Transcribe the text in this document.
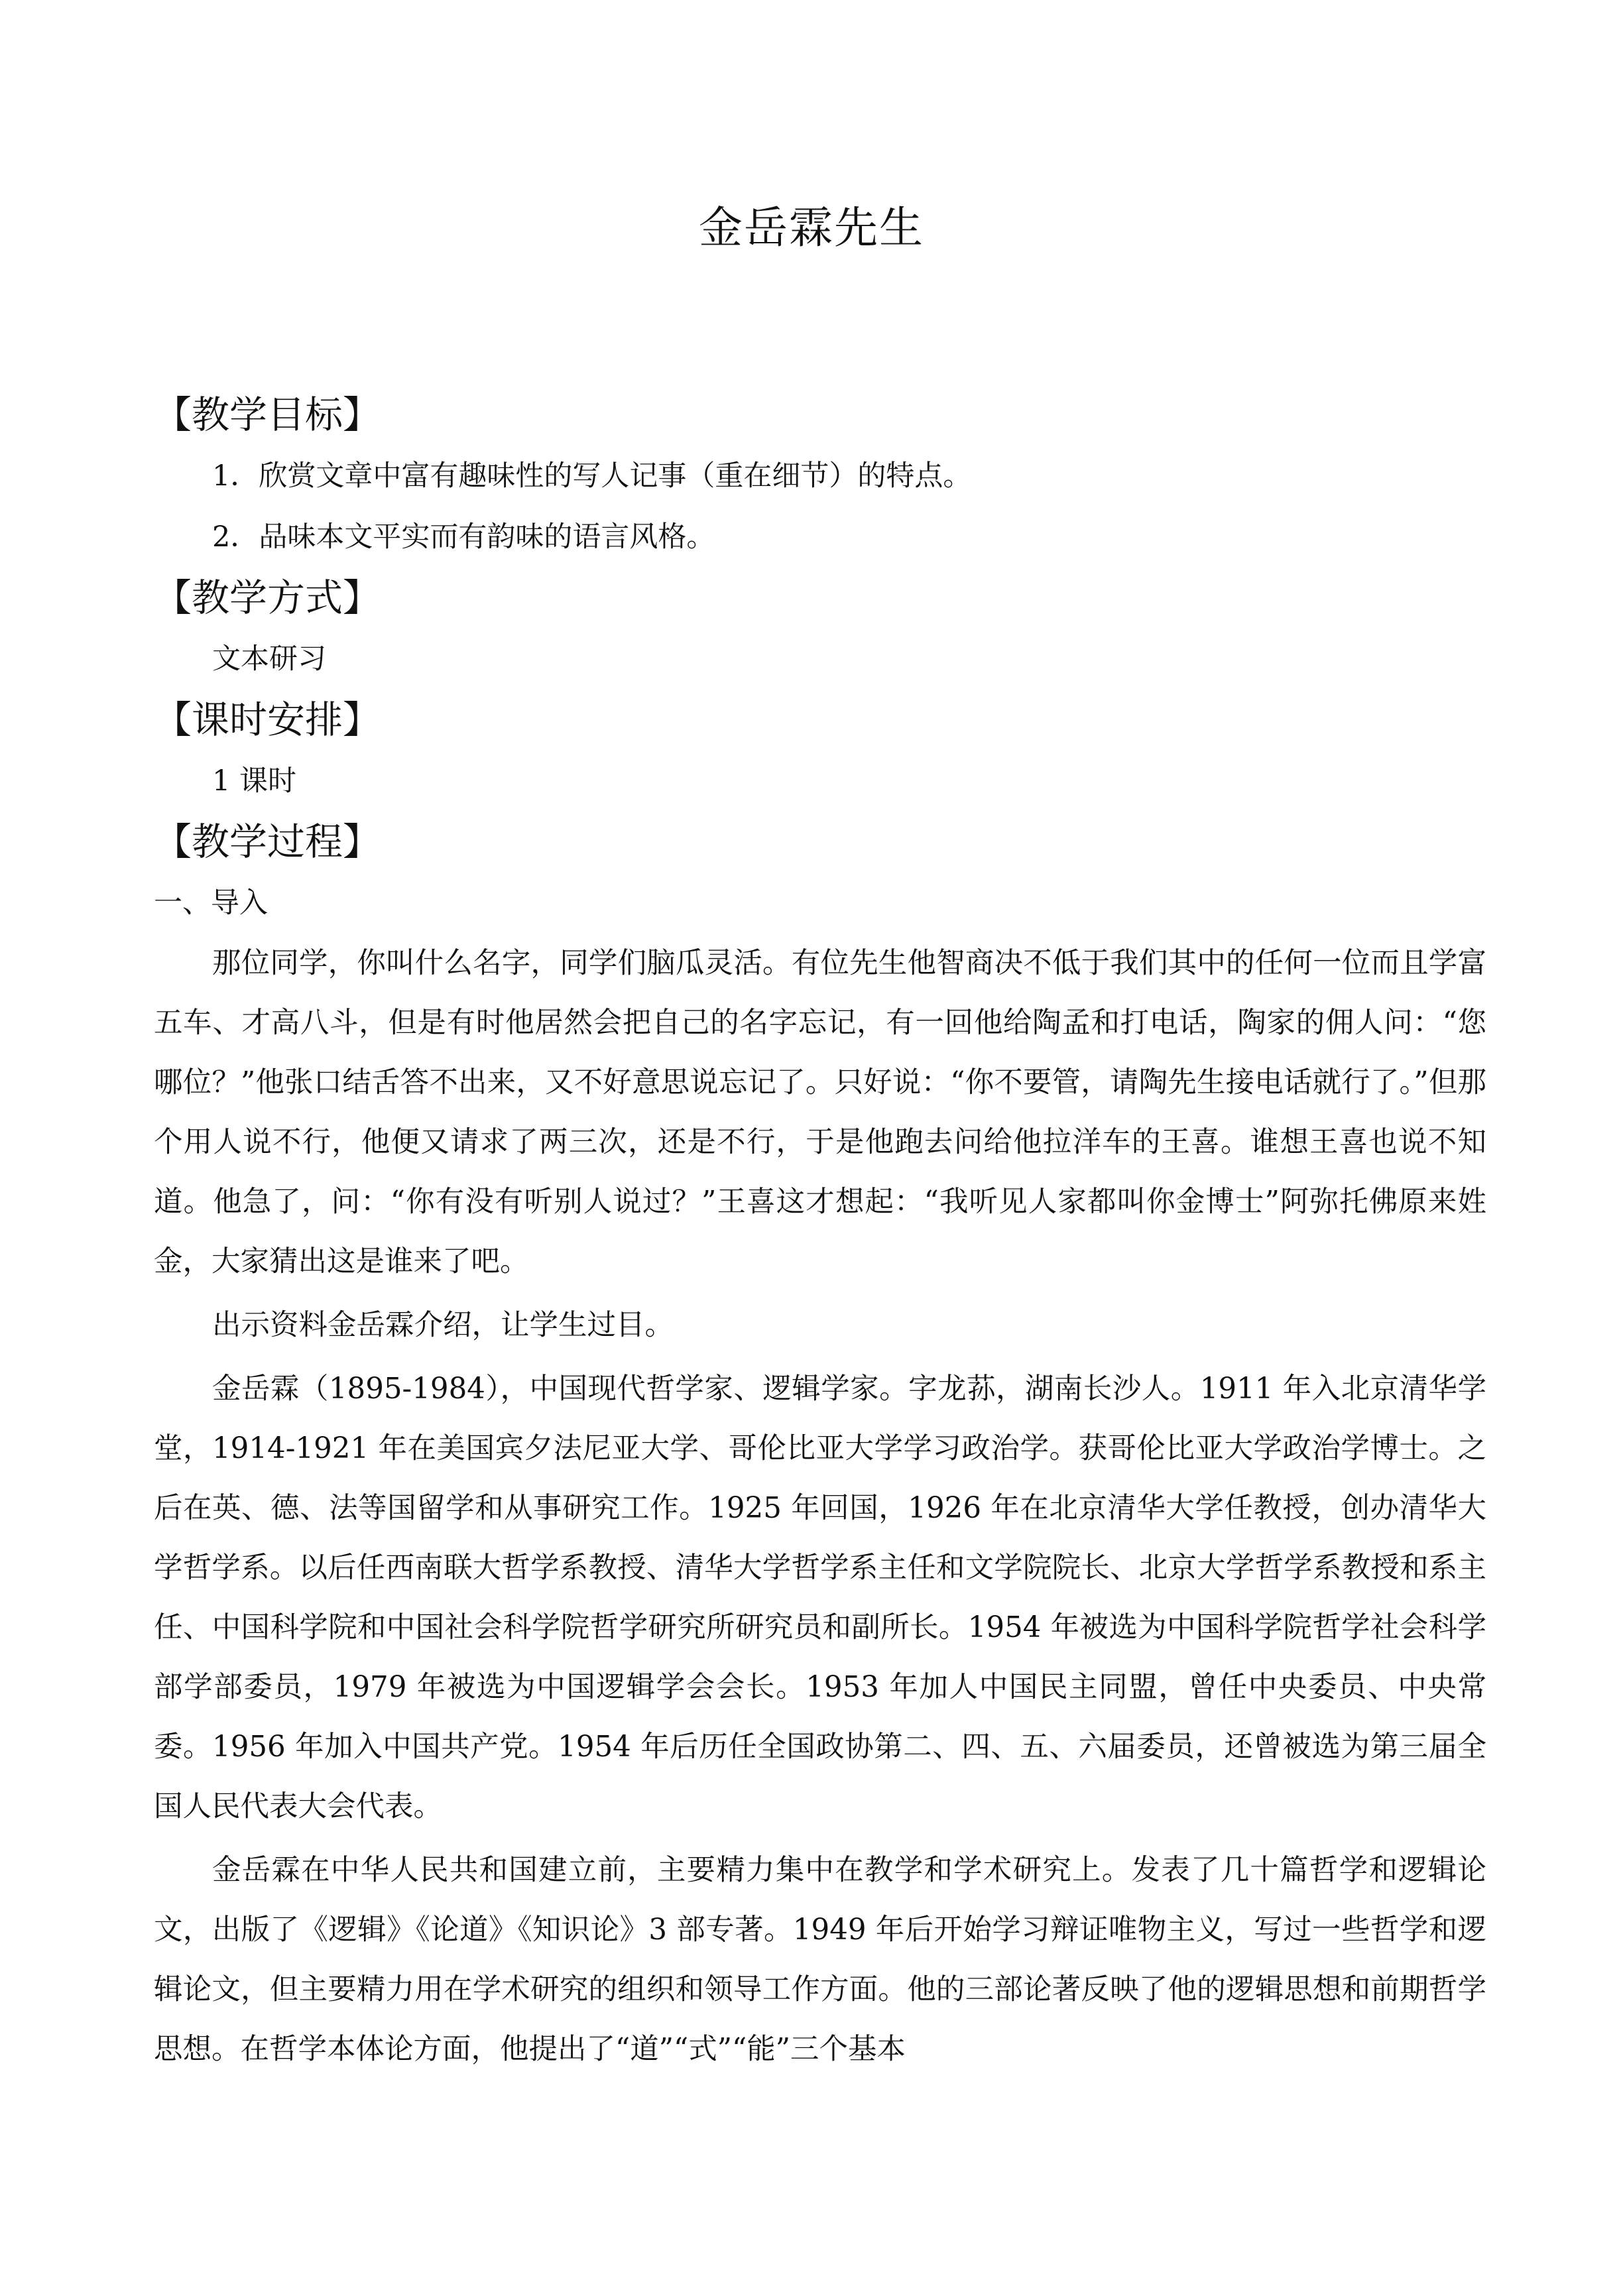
金岳霖先生

【教学目标】

1．欣赏文章中富有趣味性的写人记事（重在细节）的特点。

2．品味本文平实而有韵味的语言风格。

【教学方式】

文本研习

【课时安排】

1 课时

【教学过程】

一、导入

那位同学，你叫什么名字，同学们脑瓜灵活。有位先生他智商决不低于我们其中的任何一位而且学富五车、才高八斗，但是有时他居然会把自己的名字忘记，有一回他给陶孟和打电话，陶家的佣人问：“您哪位？”他张口结舌答不出来，又不好意思说忘记了。只好说：“你不要管，请陶先生接电话就行了。”但那个用人说不行，他便又请求了两三次，还是不行，于是他跑去问给他拉洋车的王喜。谁想王喜也说不知道。他急了，问：“你有没有听别人说过？”王喜这才想起：“我听见人家都叫你金博士”阿弥托佛原来姓金，大家猜出这是谁来了吧。

出示资料金岳霖介绍，让学生过目。

金岳霖（1895-1984），中国现代哲学家、逻辑学家。字龙荪，湖南长沙人。1911 年入北京清华学堂，1914-1921 年在美国宾夕法尼亚大学、哥伦比亚大学学习政治学。获哥伦比亚大学政治学博士。之后在英、德、法等国留学和从事研究工作。1925 年回国，1926 年在北京清华大学任教授，创办清华大学哲学系。以后任西南联大哲学系教授、清华大学哲学系主任和文学院院长、北京大学哲学系教授和系主任、中国科学院和中国社会科学院哲学研究所研究员和副所长。1954 年被选为中国科学院哲学社会科学部学部委员，1979 年被选为中国逻辑学会会长。1953 年加人中国民主同盟，曾任中央委员、中央常委。1956 年加入中国共产党。1954 年后历任全国政协第二、四、五、六届委员，还曾被选为第三届全国人民代表大会代表。

金岳霖在中华人民共和国建立前，主要精力集中在教学和学术研究上。发表了几十篇哲学和逻辑论文，出版了《逻辑》《论道》《知识论》3 部专著。1949 年后开始学习辩证唯物主义，写过一些哲学和逻辑论文，但主要精力用在学术研究的组织和领导工作方面。他的三部论著反映了他的逻辑思想和前期哲学思想。在哲学本体论方面，他提出了“道”“式”“能”三个基本
